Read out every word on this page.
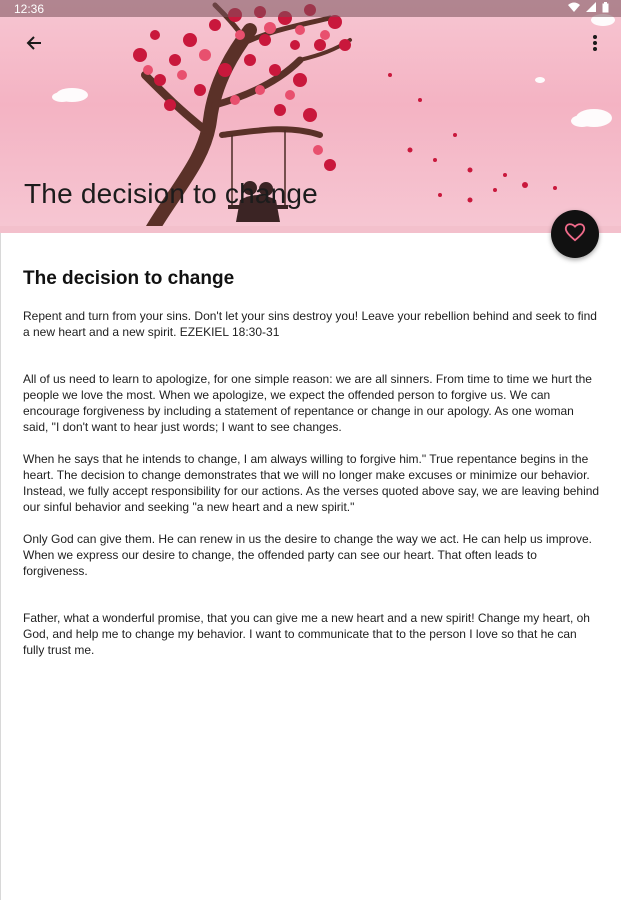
The decision to change
12:36
The decision to change

Repent and turn from your sins. Don't let your sins destroy you! Leave your rebellion behind and seek to find a new heart and a new spirit. EZEKIEL 18:30-31

All of us need to learn to apologize, for one simple reason: we are all sinners. From time to time we hurt the people we love the most. When we apologize, we expect the offended person to forgive us. We can encourage forgiveness by including a statement of repentance or change in our apology. As one woman said, "I don't want to hear just words; I want to see changes.

When he says that he intends to change, I am always willing to forgive him." True repentance begins in the heart. The decision to change demonstrates that we will no longer make excuses or minimize our behavior. Instead, we fully accept responsibility for our actions. As the verses quoted above say, we are leaving behind our sinful behavior and seeking "a new heart and a new spirit."

Only God can give them. He can renew in us the desire to change the way we act. He can help us improve. When we express our desire to change, the offended party can see our heart. That often leads to forgiveness.

Father, what a wonderful promise, that you can give me a new heart and a new spirit! Change my heart, oh God, and help me to change my behavior. I want to communicate that to the person I love so that he can fully trust me.
